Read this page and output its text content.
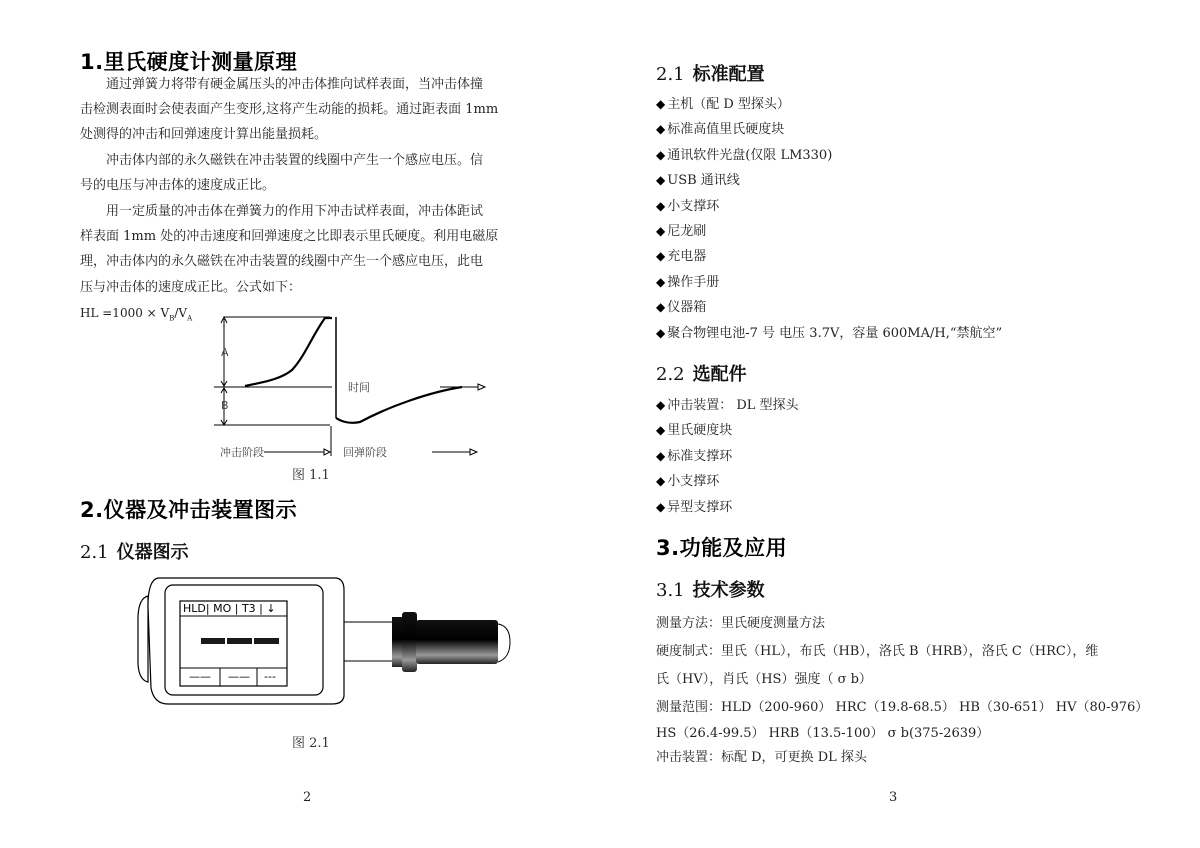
1.里氏硬度计测量原理
　　通过弹簧力将带有硬金属压头的冲击体推向试样表面，当冲击体撞
击检测表面时会使表面产生变形,这将产生动能的损耗。通过距表面 1mm
处测得的冲击和回弹速度计算出能量损耗。
　　冲击体内部的永久磁铁在冲击装置的线圈中产生一个感应电压。信
号的电压与冲击体的速度成正比。
　　用一定质量的冲击体在弹簧力的作用下冲击试样表面，冲击体距试
样表面 1mm 处的冲击速度和回弹速度之比即表示里氏硬度。利用电磁原
理，冲击体内的永久磁铁在冲击装置的线圈中产生一个感应电压，此电
压与冲击体的速度成正比。公式如下：
HL $=1000 \times V_B/V_A$
A
B
时间
冲击阶段	回弹阶段
图 1.1
2.仪器及冲击装置图示
2.1 仪器图示
HLD| MO | T3 | ↓
—— —— ---
图 2.1
2
2.1 标准配置
◆ 主机（配 D 型探头）
◆ 标准高值里氏硬度块
◆ 通讯软件光盘(仅限 LM330)
◆ USB 通讯线
◆ 小支撑环
◆ 尼龙刷
◆ 充电器
◆ 操作手册
◆ 仪器箱
◆ 聚合物锂电池-7 号 电压 3.7V，容量 600MA/H,“禁航空”
2.2 选配件
◆ 冲击装置： DL 型探头
◆ 里氏硬度块
◆ 标准支撑环
◆ 小支撑环
◆ 异型支撑环
3.功能及应用
3.1 技术参数
测量方法：里氏硬度测量方法
硬度制式：里氏（HL），布氏（HB），洛氏 B（HRB），洛氏 C（HRC），维
氏（HV），肖氏（HS）强度（ σ b）
测量范围：HLD（200-960） HRC（19.8-68.5） HB（30-651） HV（80-976）
HS（26.4-99.5） HRB（13.5-100） σ b(375-2639）
冲击装置：标配 D，可更换 DL 探头
3
